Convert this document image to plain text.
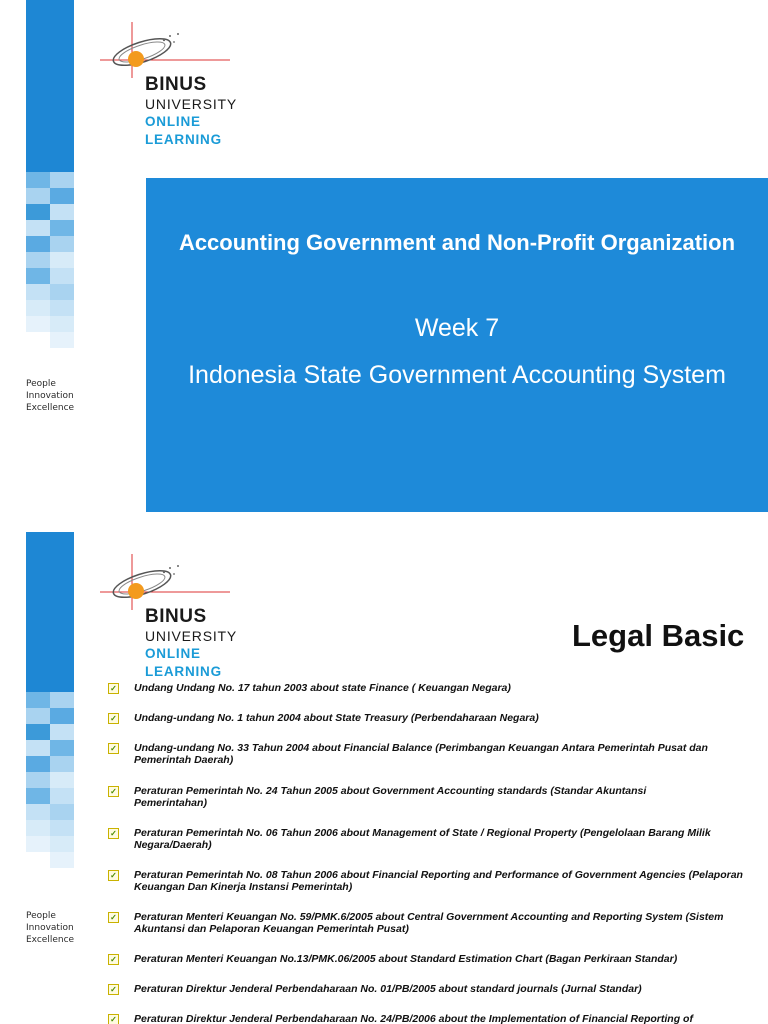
People
Innovation
Excellence
BINUS
UNIVERSITY
ONLINE
LEARNING
Accounting Government and Non-Profit Organization
Week 7
Indonesia State Government Accounting System
People
Innovation
Excellence
BINUS
UNIVERSITY
ONLINE
LEARNING
Legal Basic
✓ Undang Undang No. 17 tahun 2003 about state Finance ( Keuangan Negara)
✓ Undang-undang No. 1 tahun 2004 about State Treasury (Perbendaharaan Negara)
✓ Undang-undang No. 33 Tahun 2004 about Financial Balance (Perimbangan Keuangan Antara Pemerintah Pusat dan Pemerintah Daerah)
✓ Peraturan Pemerintah No. 24 Tahun 2005 about Government Accounting standards (Standar Akuntansi Pemerintahan)
✓ Peraturan Pemerintah No. 06 Tahun 2006 about Management of State / Regional Property (Pengelolaan Barang Milik Negara/Daerah)
✓ Peraturan Pemerintah No. 08 Tahun 2006 about Financial Reporting and Performance of Government Agencies (Pelaporan Keuangan Dan Kinerja Instansi Pemerintah)
✓ Peraturan Menteri Keuangan No. 59/PMK.6/2005 about Central Government Accounting and Reporting System (Sistem Akuntansi dan Pelaporan Keuangan Pemerintah Pusat)
✓ Peraturan Menteri Keuangan No.13/PMK.06/2005 about Standard Estimation Chart (Bagan Perkiraan Standar)
✓ Peraturan Direktur Jenderal Perbendaharaan No. 01/PB/2005 about standard journals (Jurnal Standar)
✓ Peraturan Direktur Jenderal Perbendaharaan No. 24/PB/2006 about the Implementation of Financial Reporting of
